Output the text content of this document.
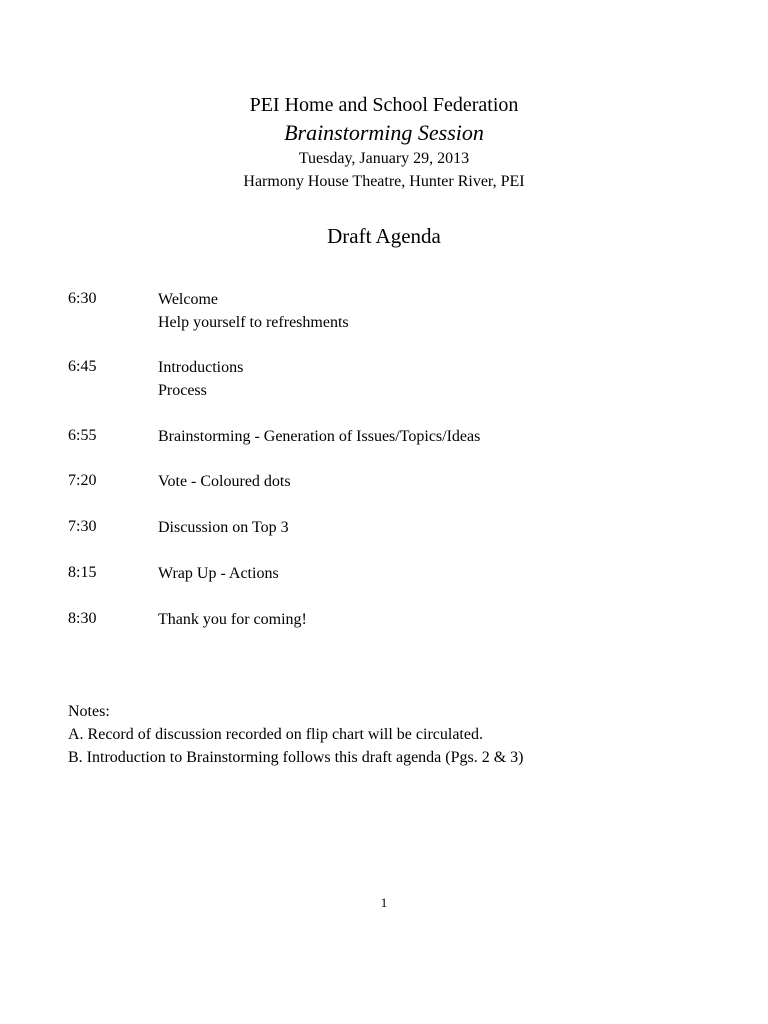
PEI Home and School Federation
Brainstorming Session
Tuesday, January 29, 2013
Harmony House Theatre, Hunter River, PEI
Draft Agenda
6:30	Welcome
Help yourself to refreshments
6:45	Introductions
Process
6:55	Brainstorming - Generation of Issues/Topics/Ideas
7:20	Vote - Coloured dots
7:30	Discussion on Top 3
8:15	Wrap Up - Actions
8:30	Thank you for coming!
Notes:
A. Record of discussion recorded on flip chart will be circulated.
B. Introduction to Brainstorming follows this draft agenda (Pgs. 2 & 3)
1
